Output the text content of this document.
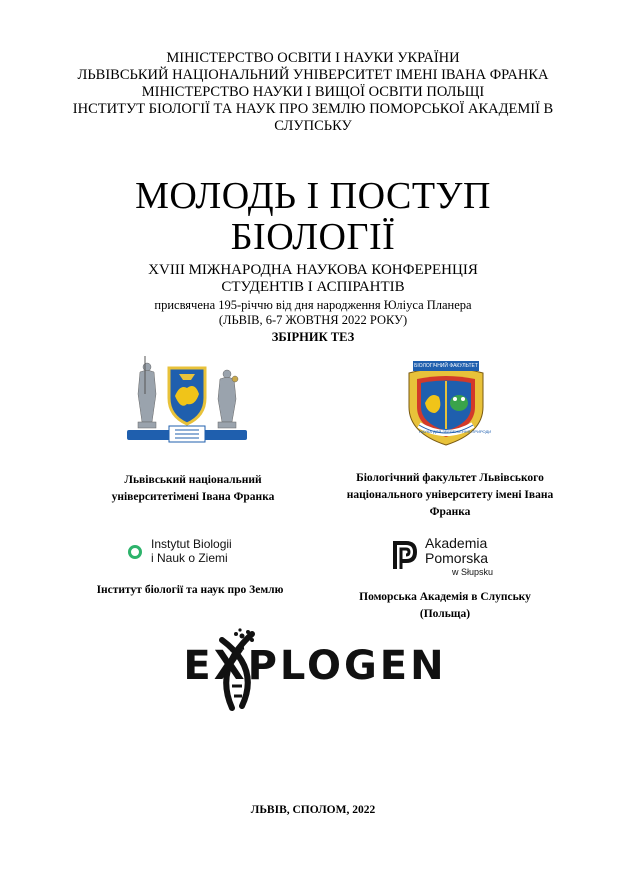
МІНІСТЕРСТВО ОСВІТИ І НАУКИ УКРАЇНИ
ЛЬВІВСЬКИЙ НАЦІОНАЛЬНИЙ УНІВЕРСИТЕТ ІМЕНІ ІВАНА ФРАНКА
МІНІСТЕРСТВО НАУКИ І ВИЩОЇ ОСВІТИ ПОЛЬЩІ
ІНСТИТУТ БІОЛОГІЇ ТА НАУК ПРО ЗЕМЛЮ ПОМОРСЬКОЇ АКАДЕМІЇ В
СЛУПСЬКУ
МОЛОДЬ І ПОСТУП
БІОЛОГІЇ
XVIII МІЖНАРОДНА НАУКОВА КОНФЕРЕНЦІЯ
СТУДЕНТІВ І АСПІРАНТІВ
присвячена 195-річчю від дня народження Юліуса Планера
(ЛЬВІВ, 6-7 ЖОВТНЯ 2022 РОКУ)
ЗБІРНИК ТЕЗ
БІОЛОГІЧНИЙ ФАКУЛЬТЕТ
НАУКА ДЛЯ ЗБЕРЕЖЕННЯ ПРИРОДИ
Львівський національний
університетімені Івана Франка
Біологічний факультет Львівського
національного університету імені Івана
Франка
Instytut Biologii
i Nauk o Ziemi
Akademia
Pomorska
w Słupsku
Інститут біології та наук про Землю
Поморська Академія в Слупську
(Польща)
EXPLOGEN
ЛЬВІВ, СПОЛОМ, 2022
